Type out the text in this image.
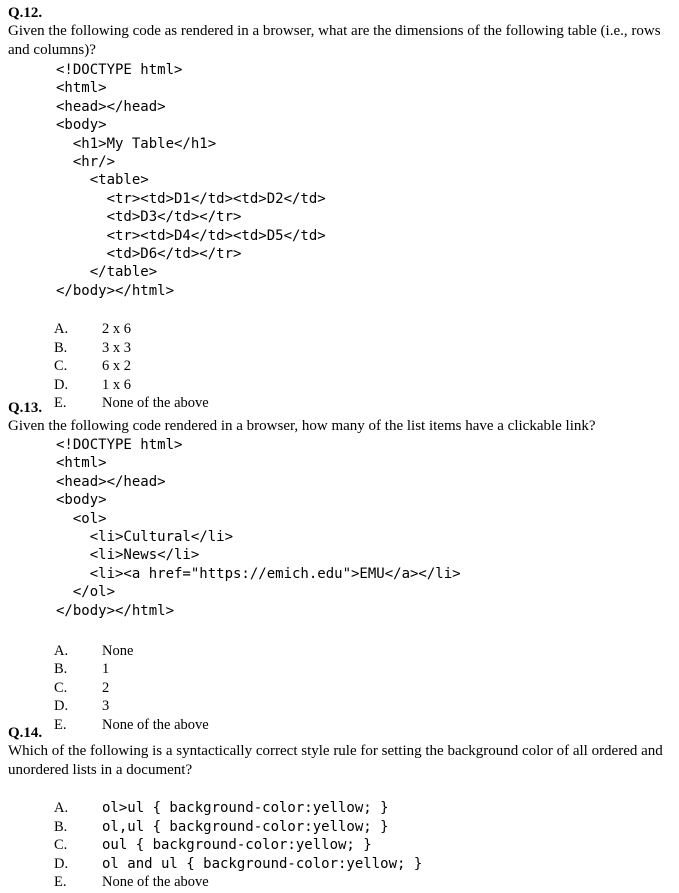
Q.12.
Given the following code as rendered in a browser, what are the dimensions of the following table (i.e., rows and columns)?
<!DOCTYPE html>
<html>
<head></head>
<body>
<h1>My Table</h1>
<hr/>
<table>
<tr><td>D1</td><td>D2</td>
<td>D3</td></tr>
<tr><td>D4</td><td>D5</td>
<td>D6</td></tr>
</table>
</body></html>
A. 2 x 6
B. 3 x 3
C. 6 x 2
D. 1 x 6
E. None of the above
Q.13.
Given the following code rendered in a browser, how many of the list items have a clickable link?
<!DOCTYPE html>
<html>
<head></head>
<body>
<ol>
<li>Cultural</li>
<li>News</li>
<li><a href="https://emich.edu">EMU</a></li>
</ol>
</body></html>
A. None
B. 1
C. 2
D. 3
E. None of the above
Q.14.
Which of the following is a syntactically correct style rule for setting the background color of all ordered and unordered lists in a document?
A. ol>ul { background-color:yellow; }
B. ol,ul { background-color:yellow; }
C. oul { background-color:yellow; }
D. ol and ul { background-color:yellow; }
E. None of the above
